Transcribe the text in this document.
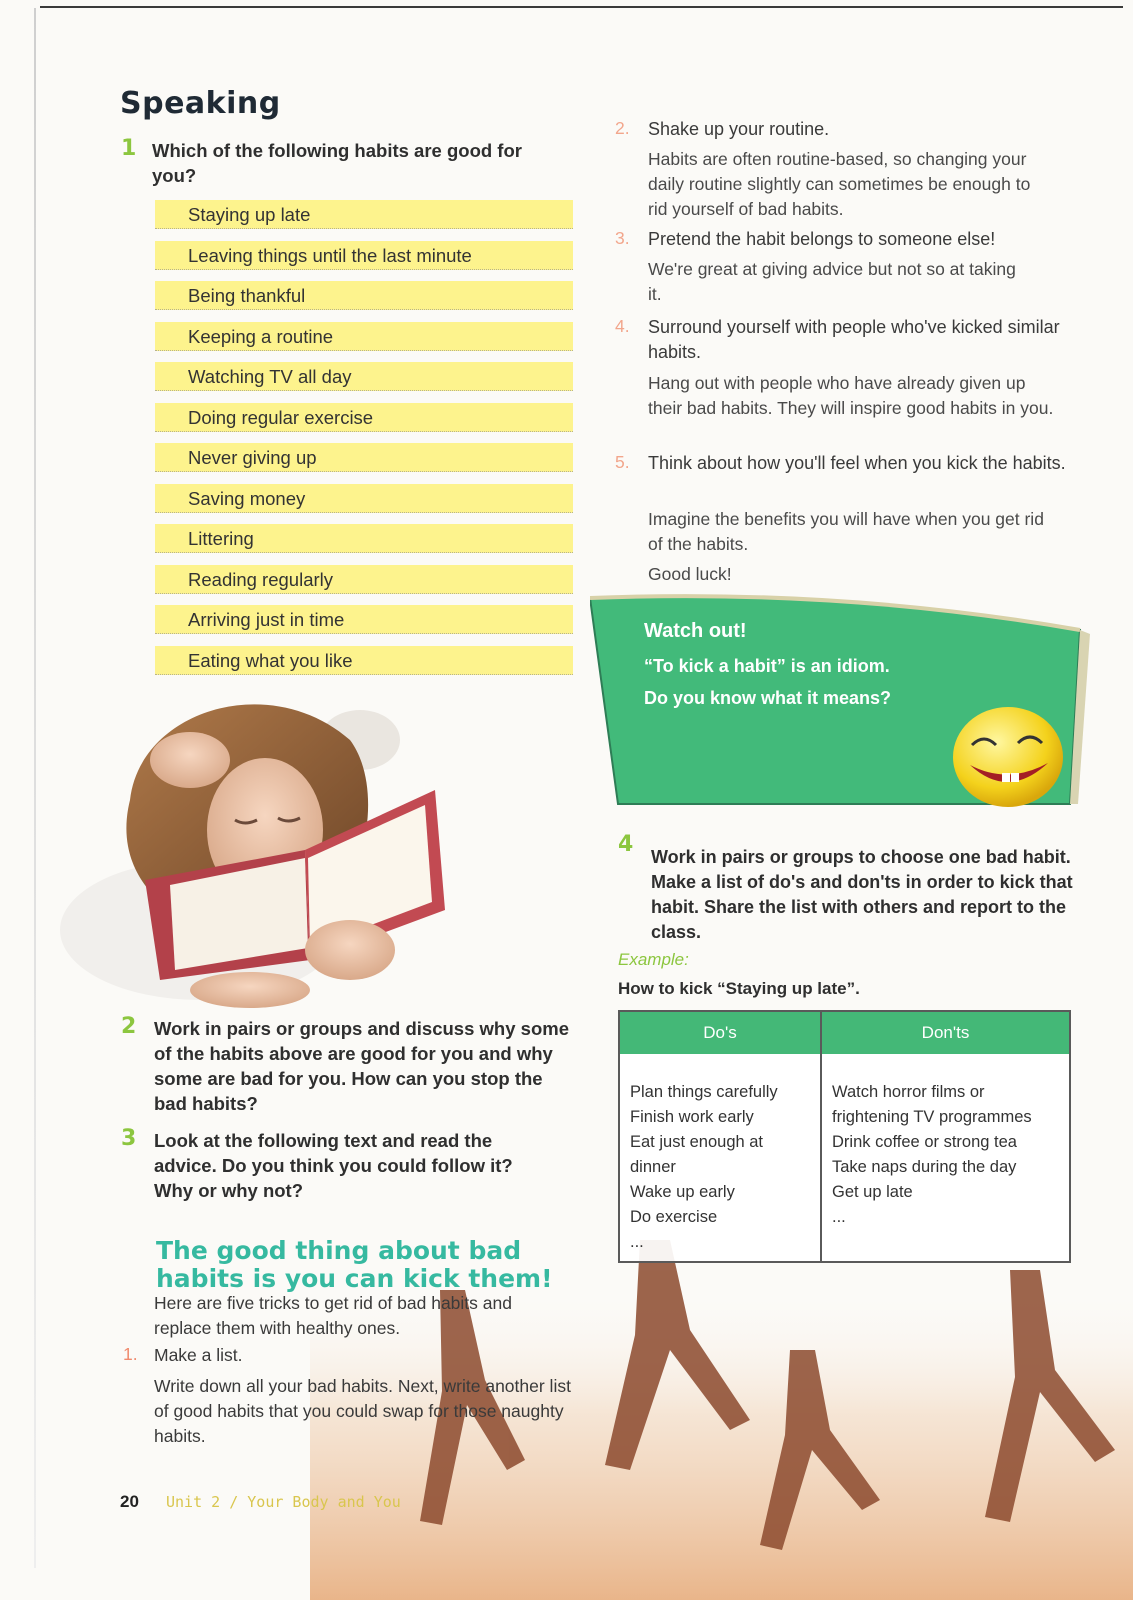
Speaking
1 Which of the following habits are good for you?
Staying up late
Leaving things until the last minute
Being thankful
Keeping a routine
Watching TV all day
Doing regular exercise
Never giving up
Saving money
Littering
Reading regularly
Arriving just in time
Eating what you like
2 Work in pairs or groups and discuss why some of the habits above are good for you and why some are bad for you. How can you stop the bad habits?
3 Look at the following text and read the advice. Do you think you could follow it? Why or why not?
The good thing about bad
habits is you can kick them!
Here are five tricks to get rid of bad habits and replace them with healthy ones.
1. Make a list.
Write down all your bad habits. Next, write another list of good habits that you could swap for those naughty habits.
20 Unit 2 / Your Body and You
2. Shake up your routine.
Habits are often routine-based, so changing your daily routine slightly can sometimes be enough to rid yourself of bad habits.
3. Pretend the habit belongs to someone else!
We're great at giving advice but not so at taking it.
4. Surround yourself with people who've kicked similar habits.
Hang out with people who have already given up their bad habits. They will inspire good habits in you.
5. Think about how you'll feel when you kick the habits.
Imagine the benefits you will have when you get rid of the habits.
Good luck!
Watch out!
“To kick a habit” is an idiom.
Do you know what it means?
4 Work in pairs or groups to choose one bad habit. Make a list of do's and don'ts in order to kick that habit. Share the list with others and report to the class.
Example:
How to kick “Staying up late”.
Do's	Don'ts
Plan things carefully
Finish work early
Eat just enough at
dinner
Wake up early
Do exercise
...
Watch horror films or
frightening TV programmes
Drink coffee or strong tea
Take naps during the day
Get up late
...
